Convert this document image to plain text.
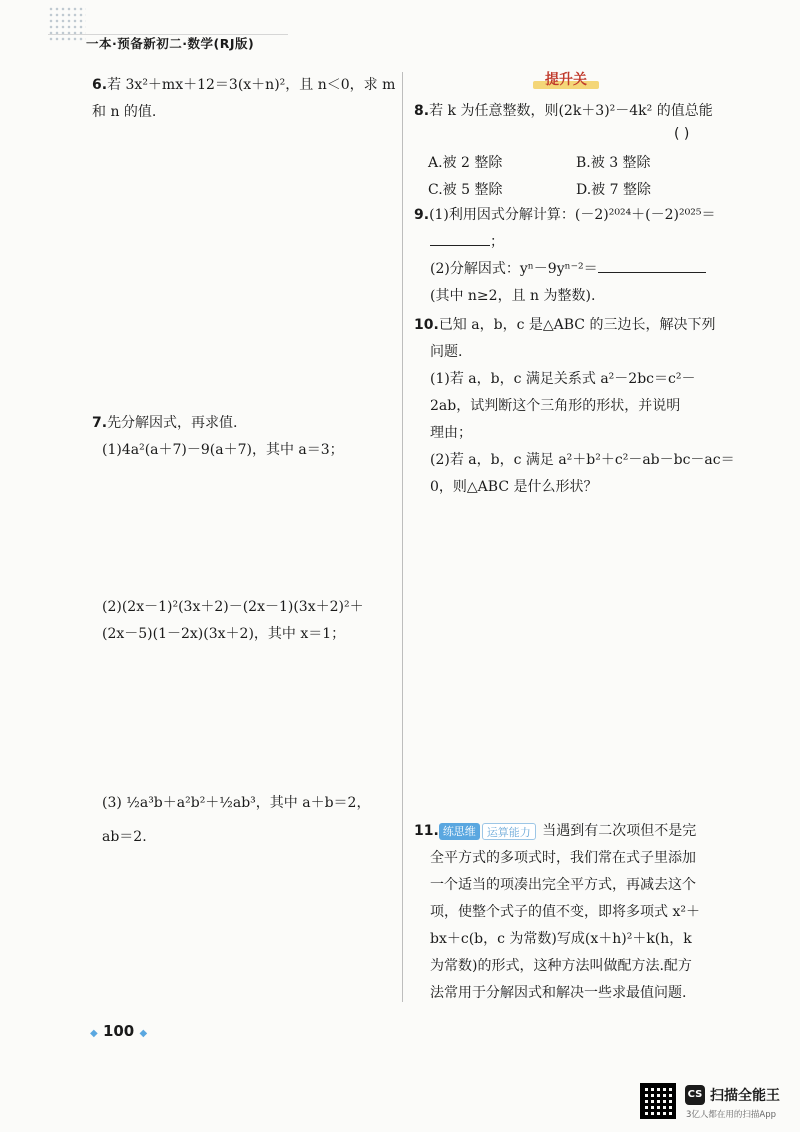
一本·预备新初二·数学(RJ版)

6.若 3x²＋mx＋12＝3(x＋n)²，且 n＜0，求 m

和 n 的值.

7.先分解因式，再求值.

(1)4a²(a＋7)－9(a＋7)，其中 a＝3；

(2)(2x－1)²(3x＋2)－(2x－1)(3x＋2)²＋

(2x－5)(1－2x)(3x＋2)，其中 x＝1；

(3) ½a³b＋a²b²＋½ab³，其中 a＋b＝2，

ab＝2.

提升关

8.若 k 为任意整数，则(2k＋3)²－4k² 的值总能

( )

A.被 2 整除	B.被 3 整除

C.被 5 整除	D.被 7 整除

9.(1)利用因式分解计算：(－2)²⁰²⁴＋(－2)²⁰²⁵＝

；

(2)分解因式：yⁿ－9yⁿ⁻²＝

(其中 n≥2，且 n 为整数).

10.已知 a，b，c 是△ABC 的三边长，解决下列

问题.

(1)若 a，b，c 满足关系式 a²－2bc＝c²－

2ab，试判断这个三角形的形状，并说明

理由；

(2)若 a，b，c 满足 a²＋b²＋c²－ab－bc－ac＝

0，则△ABC 是什么形状？

11. 练思维 运算能力 当遇到有二次项但不是完

全平方式的多项式时，我们常在式子里添加

一个适当的项凑出完全平方式，再减去这个

项，使整个式子的值不变，即将多项式 x²＋

bx＋c(b，c 为常数)写成(x＋h)²＋k(h，k

为常数)的形式，这种方法叫做配方法.配方

法常用于分解因式和解决一些求最值问题.

◆ 100 ◆
CS 扫描全能王
3亿人都在用的扫描App
